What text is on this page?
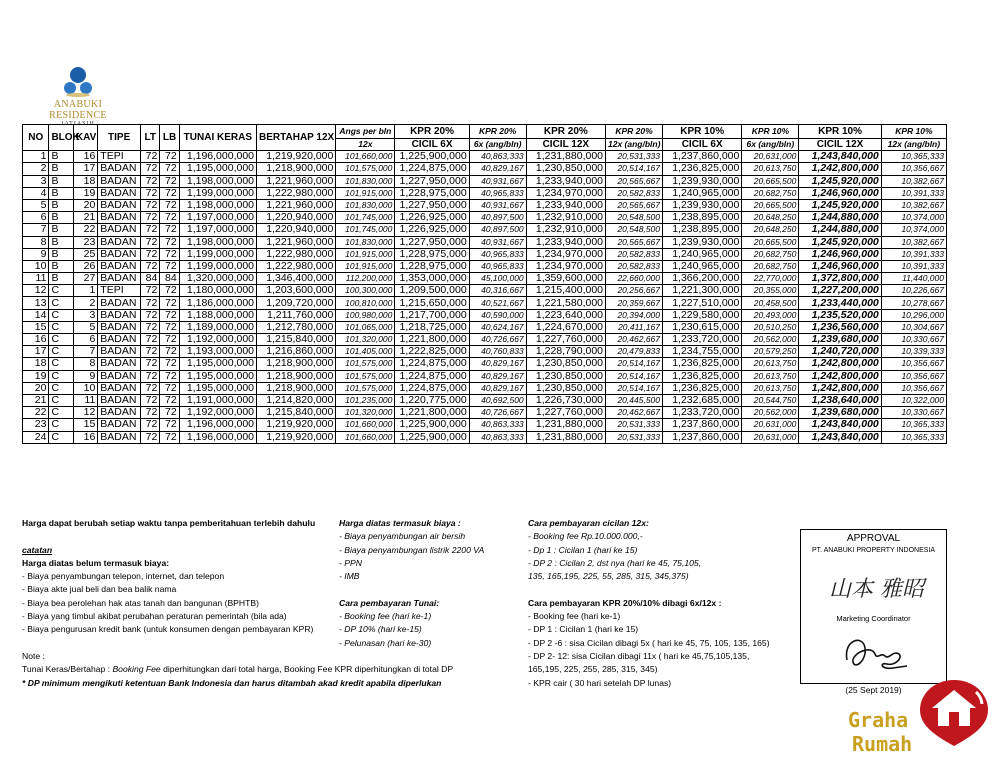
ANABUKI RESIDENCE
JATIASIH
NO	BLOK	KAV	TIPE	LT	LB	TUNAI KERAS	BERTAHAP 12X	Angs per bln	KPR 20%	KPR 20%	KPR 20%	KPR 20%	KPR 10%	KPR 10%	KPR 10%	KPR 10%
								12x	CICIL 6X	6x (ang/bln)	CICIL 12X	12x (ang/bln)	CICIL 6X	6x (ang/bln)	CICIL 12X	12x (ang/bln)
1	B	16	TEPI	72	72	1,196,000,000	1,219,920,000	101,660,000	1,225,900,000	40,863,333	1,231,880,000	20,531,333	1,237,860,000	20,631,000	1,243,840,000	10,365,333
2	B	17	BADAN	72	72	1,195,000,000	1,218,900,000	101,575,000	1,224,875,000	40,829,167	1,230,850,000	20,514,167	1,236,825,000	20,613,750	1,242,800,000	10,356,667
3	B	18	BADAN	72	72	1,198,000,000	1,221,960,000	101,830,000	1,227,950,000	40,931,667	1,233,940,000	20,565,667	1,239,930,000	20,665,500	1,245,920,000	10,382,667
4	B	19	BADAN	72	72	1,199,000,000	1,222,980,000	101,915,000	1,228,975,000	40,965,833	1,234,970,000	20,582,833	1,240,965,000	20,682,750	1,246,960,000	10,391,333
5	B	20	BADAN	72	72	1,198,000,000	1,221,960,000	101,830,000	1,227,950,000	40,931,667	1,233,940,000	20,565,667	1,239,930,000	20,665,500	1,245,920,000	10,382,667
6	B	21	BADAN	72	72	1,197,000,000	1,220,940,000	101,745,000	1,226,925,000	40,897,500	1,232,910,000	20,548,500	1,238,895,000	20,648,250	1,244,880,000	10,374,000
7	B	22	BADAN	72	72	1,197,000,000	1,220,940,000	101,745,000	1,226,925,000	40,897,500	1,232,910,000	20,548,500	1,238,895,000	20,648,250	1,244,880,000	10,374,000
8	B	23	BADAN	72	72	1,198,000,000	1,221,960,000	101,830,000	1,227,950,000	40,931,667	1,233,940,000	20,565,667	1,239,930,000	20,665,500	1,245,920,000	10,382,667
9	B	25	BADAN	72	72	1,199,000,000	1,222,980,000	101,915,000	1,228,975,000	40,965,833	1,234,970,000	20,582,833	1,240,965,000	20,682,750	1,246,960,000	10,391,333
10	B	26	BADAN	72	72	1,199,000,000	1,222,980,000	101,915,000	1,228,975,000	40,965,833	1,234,970,000	20,582,833	1,240,965,000	20,682,750	1,246,960,000	10,391,333
11	B	27	BADAN	84	84	1,320,000,000	1,346,400,000	112,200,000	1,353,000,000	45,100,000	1,359,600,000	22,660,000	1,366,200,000	22,770,000	1,372,800,000	11,440,000
12	C	1	TEPI	72	72	1,180,000,000	1,203,600,000	100,300,000	1,209,500,000	40,316,667	1,215,400,000	20,256,667	1,221,300,000	20,355,000	1,227,200,000	10,226,667
13	C	2	BADAN	72	72	1,186,000,000	1,209,720,000	100,810,000	1,215,650,000	40,521,667	1,221,580,000	20,359,667	1,227,510,000	20,458,500	1,233,440,000	10,278,667
14	C	3	BADAN	72	72	1,188,000,000	1,211,760,000	100,980,000	1,217,700,000	40,590,000	1,223,640,000	20,394,000	1,229,580,000	20,493,000	1,235,520,000	10,296,000
15	C	5	BADAN	72	72	1,189,000,000	1,212,780,000	101,065,000	1,218,725,000	40,624,167	1,224,670,000	20,411,167	1,230,615,000	20,510,250	1,236,560,000	10,304,667
16	C	6	BADAN	72	72	1,192,000,000	1,215,840,000	101,320,000	1,221,800,000	40,726,667	1,227,760,000	20,462,667	1,233,720,000	20,562,000	1,239,680,000	10,330,667
17	C	7	BADAN	72	72	1,193,000,000	1,216,860,000	101,405,000	1,222,825,000	40,760,833	1,228,790,000	20,479,833	1,234,755,000	20,579,250	1,240,720,000	10,339,333
18	C	8	BADAN	72	72	1,195,000,000	1,218,900,000	101,575,000	1,224,875,000	40,829,167	1,230,850,000	20,514,167	1,236,825,000	20,613,750	1,242,800,000	10,356,667
19	C	9	BADAN	72	72	1,195,000,000	1,218,900,000	101,575,000	1,224,875,000	40,829,167	1,230,850,000	20,514,167	1,236,825,000	20,613,750	1,242,800,000	10,356,667
20	C	10	BADAN	72	72	1,195,000,000	1,218,900,000	101,575,000	1,224,875,000	40,829,167	1,230,850,000	20,514,167	1,236,825,000	20,613,750	1,242,800,000	10,356,667
21	C	11	BADAN	72	72	1,191,000,000	1,214,820,000	101,235,000	1,220,775,000	40,692,500	1,226,730,000	20,445,500	1,232,685,000	20,544,750	1,238,640,000	10,322,000
22	C	12	BADAN	72	72	1,192,000,000	1,215,840,000	101,320,000	1,221,800,000	40,726,667	1,227,760,000	20,462,667	1,233,720,000	20,562,000	1,239,680,000	10,330,667
23	C	15	BADAN	72	72	1,196,000,000	1,219,920,000	101,660,000	1,225,900,000	40,863,333	1,231,880,000	20,531,333	1,237,860,000	20,631,000	1,243,840,000	10,365,333
24	C	16	BADAN	72	72	1,196,000,000	1,219,920,000	101,660,000	1,225,900,000	40,863,333	1,231,880,000	20,531,333	1,237,860,000	20,631,000	1,243,840,000	10,365,333
Harga dapat berubah setiap waktu tanpa pemberitahuan terlebih dahulu

catatan
Harga diatas belum termasuk biaya:
- Biaya penyambungan telepon, internet, dan telepon
- Biaya akte jual beli dan bea balik nama
- Biaya bea perolehan hak atas tanah dan bangunan (BPHTB)
- Biaya yang timbul akibat perubahan peraturan pemerintah (bila ada)
- Biaya pengurusan kredit bank (untuk konsumen dengan pembayaran KPR)

Note :
Tunai Keras/Bertahap : Booking Fee diperhitungkan dari total harga, Booking Fee KPR diperhitungkan di total DP
* DP minimum mengikuti ketentuan Bank Indonesia dan harus ditambah akad kredit apabila diperlukan
Harga diatas termasuk biaya :
- Biaya penyambungan air bersih
- Biaya penyambungan listrik 2200 VA
- PPN
- IMB

Cara pembayaran Tunai:
- Booking fee (hari ke-1)
- DP 10% (hari ke-15)
- Pelunasan (hari ke-30)
Cara pembayaran cicilan 12x:
- Booking fee Rp.10.000.000,-
- Dp 1 : Cicilan 1 (hari ke 15)
- DP 2 : Cicilan 2, dst nya (hari ke 45, 75,105,
135, 165,195, 225, 55, 285, 315, 345,375)

Cara pembayaran KPR 20%/10% dibagi 6x/12x :
- Booking fee (hari ke-1)
- DP 1 : Cicilan 1 (hari ke 15)
- DP 2 -6 : sisa Cicilan dibagi 5x ( hari ke 45, 75, 105, 135, 165)
- DP 2- 12: sisa Cicilan dibagi 11x ( hari ke 45,75,105,135,
165,195, 225, 255, 285, 315, 345)
- KPR cair ( 30 hari setelah DP lunas)
APPROVAL
PT. ANABUKI PROPERTY INDONESIA
山本 雅昭
Marketing Coordinator
(25 Sept 2019)
Graha
Rumah
